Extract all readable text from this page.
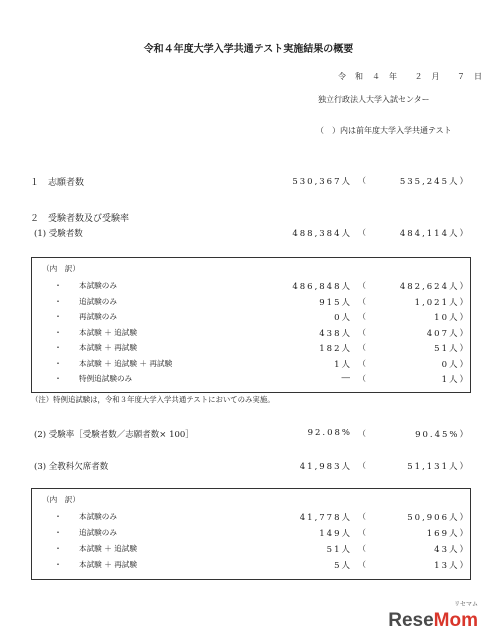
令和４年度大学入学共通テスト実施結果の概要
令　和　４　年　　２　月　　７　日
独立行政法人大学入試センター
（　）内は前年度大学入学共通テスト
１　志願者数	530,367人 （	535,245人）
２　受験者数及び受験率
(1) 受験者数	488,384人 （	484,114人）
（内　訳）
・ 本試験のみ	486,848人 （	482,624人）
・ 追試験のみ	915人 （	1,021人）
・ 再試験のみ	0人 （	10人）
・ 本試験 ＋ 追試験	438人 （	407人）
・ 本試験 ＋ 再試験	182人 （	51人）
・ 本試験 ＋ 追試験 ＋ 再試験	1人 （	0人）
・ 特例追試験のみ	― （	1人）
（注）特例追試験は，令和３年度大学入学共通テストにおいてのみ実施。
(2) 受験率［受験者数／志願者数× 100］	92.08% （	90.45%）
(3) 全教科欠席者数	41,983人 （	51,131人）
（内　訳）
・ 本試験のみ	41,778人 （	50,906人）
・ 追試験のみ	149人 （	169人）
・ 本試験 ＋ 追試験	51人 （	43人）
・ 本試験 ＋ 再試験	5人 （	13人）
リセマム
ReseMom
